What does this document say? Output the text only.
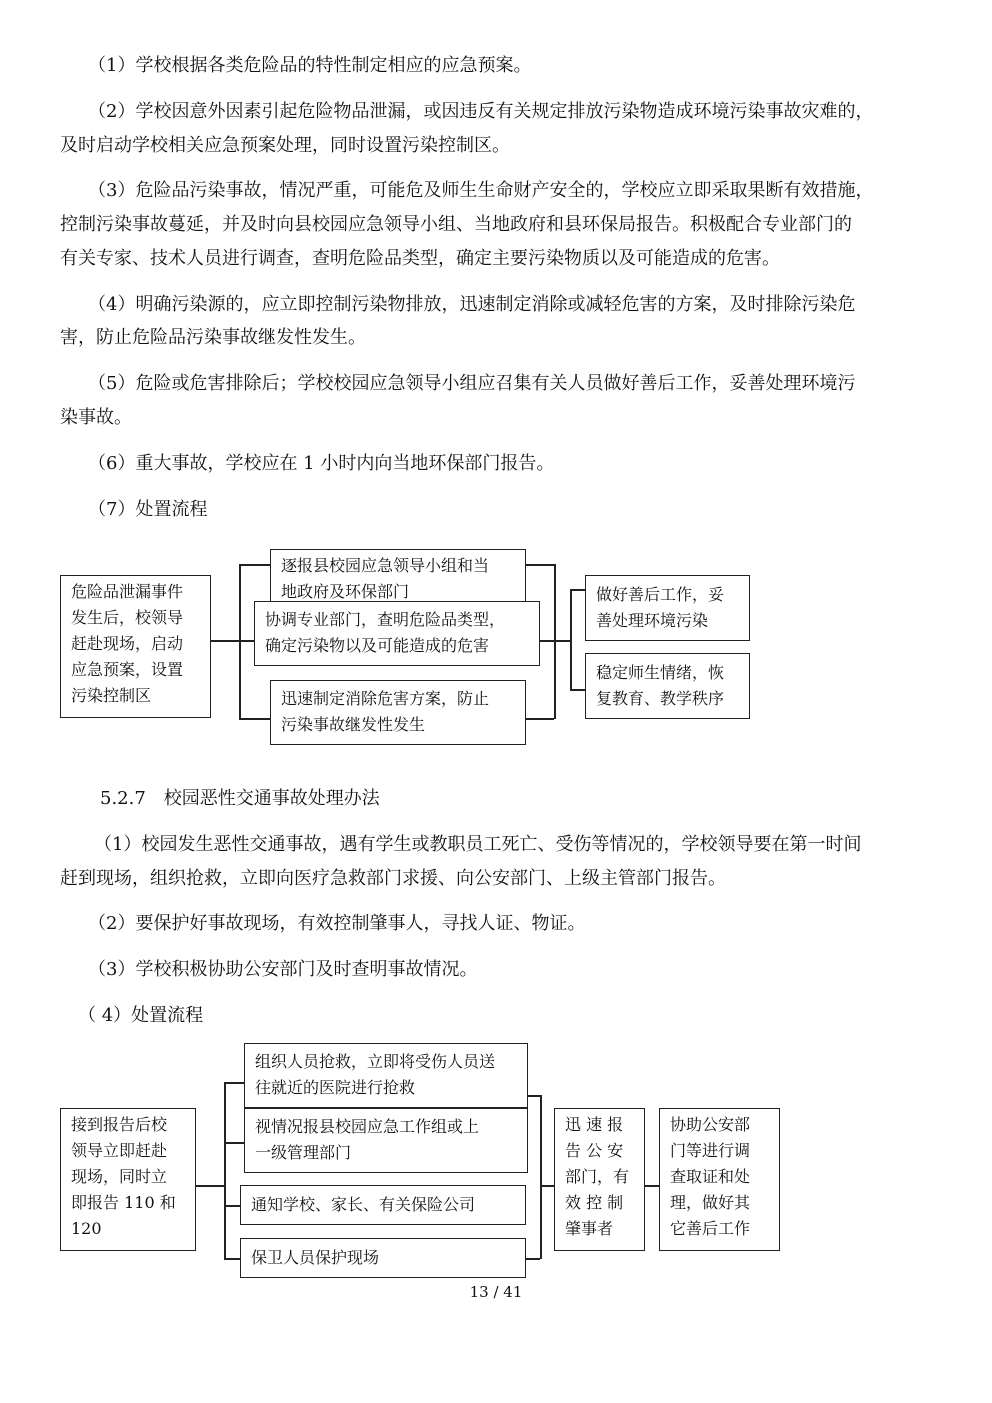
（1）学校根据各类危险品的特性制定相应的应急预案。

（2）学校因意外因素引起危险物品泄漏，或因违反有关规定排放污染物造成环境污染事故灾难的，

及时启动学校相关应急预案处理，同时设置污染控制区。

（3）危险品污染事故，情况严重，可能危及师生生命财产安全的，学校应立即采取果断有效措施，

控制污染事故蔓延，并及时向县校园应急领导小组、当地政府和县环保局报告。积极配合专业部门的

有关专家、技术人员进行调查，查明危险品类型，确定主要污染物质以及可能造成的危害。

（4）明确污染源的，应立即控制污染物排放，迅速制定消除或减轻危害的方案，及时排除污染危

害，防止危险品污染事故继发性发生。

（5）危险或危害排除后；学校校园应急领导小组应召集有关人员做好善后工作，妥善处理环境污

染事故。

（6）重大事故，学校应在 1 小时内向当地环保部门报告。

（7）处置流程

危险品泄漏事件
发生后，校领导
赶赴现场，启动
应急预案，设置
污染控制区
逐报县校园应急领导小组和当
地政府及环保部门
协调专业部门，查明危险品类型，
确定污染物以及可能造成的危害
迅速制定消除危害方案，防止
污染事故继发性发生
做好善后工作，妥
善处理环境污染
稳定师生情绪，恢
复教育、教学秩序

5.2.7　校园恶性交通事故处理办法

（1）校园发生恶性交通事故，遇有学生或教职员工死亡、受伤等情况的，学校领导要在第一时间

赶到现场，组织抢救，立即向医疗急救部门求援、向公安部门、上级主管部门报告。

（2）要保护好事故现场，有效控制肇事人，寻找人证、物证。

（3）学校积极协助公安部门及时查明事故情况。

（ 4）处置流程

接到报告后校
领导立即赶赴
现场，同时立
即报告 110 和
120
组织人员抢救，立即将受伤人员送
往就近的医院进行抢救
视情况报县校园应急工作组或上
一级管理部门
通知学校、家长、有关保险公司
保卫人员保护现场
迅 速 报
告 公 安
部门，有
效 控 制
肇事者
协助公安部
门等进行调
查取证和处
理，做好其
它善后工作
13 / 41
